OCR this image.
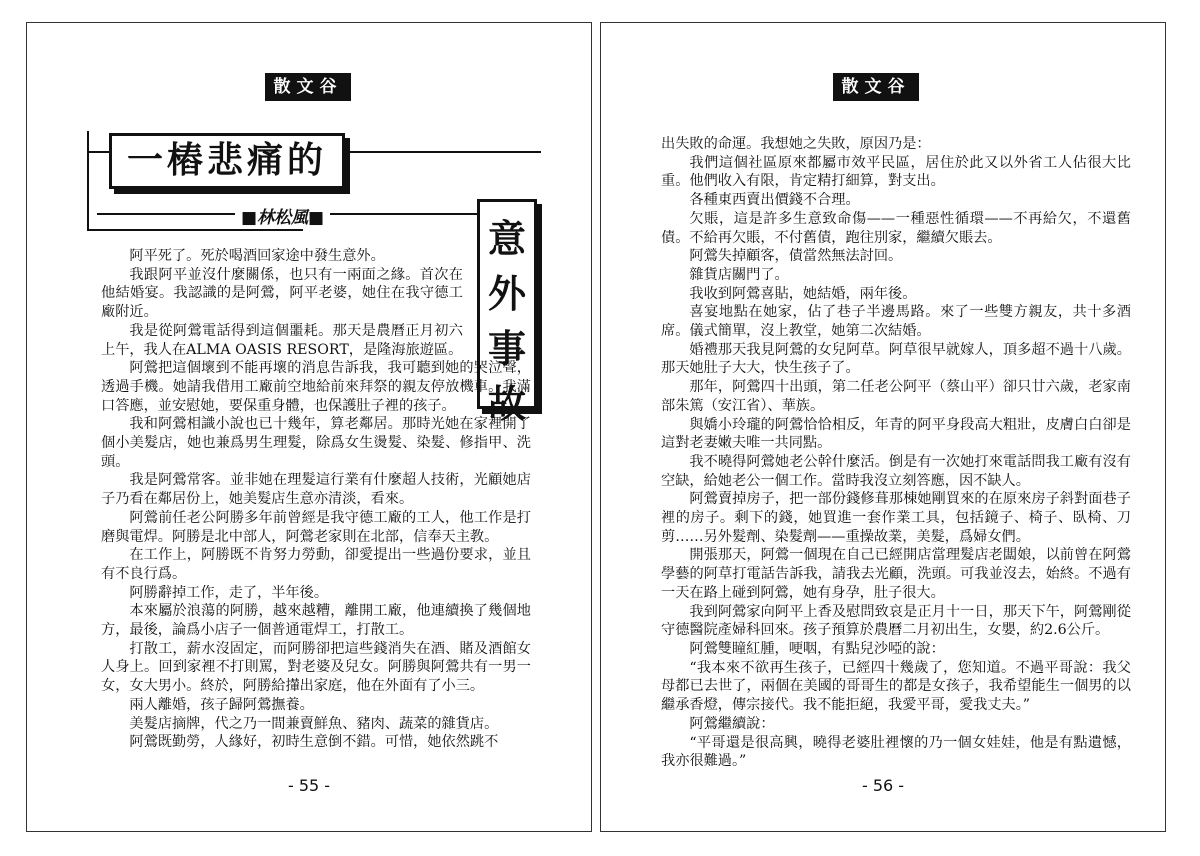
散文谷
一樁悲痛的
■林松風■	意
外
事
故

阿平死了。死於喝酒回家途中發生意外。

我跟阿平並沒什麼關係，也只有一兩面之緣。首次在他結婚宴。我認識的是阿鶯，阿平老婆，她住在我守德工廠附近。

我是從阿鶯電話得到這個噩耗。那天是農曆正月初六上午，我人在ALMA OASIS RESORT，是隆海旅遊區。

阿鶯把這個壞到不能再壞的消息告訴我，我可聽到她的哭泣聲，透過手機。她請我借用工廠前空地給前來拜祭的親友停放機車。我滿口答應，並安慰她，要保重身體，也保護肚子裡的孩子。

我和阿鶯相識小說也已十幾年，算老鄰居。那時光她在家裡開了個小美髮店，她也兼爲男生理髮，除爲女生燙髮、染髮、修指甲、洗頭。

我是阿鶯常客。並非她在理髮這行業有什麼超人技術，光顧她店子乃看在鄰居份上，她美髮店生意亦清淡，看來。

阿鶯前任老公阿勝多年前曾經是我守德工廠的工人，他工作是打磨與電焊。阿勝是北中部人，阿鶯老家則在北部，信奉天主教。

在工作上，阿勝既不肯努力勞動，卻愛提出一些過份要求，並且有不良行爲。

阿勝辭掉工作，走了，半年後。

本來屬於浪蕩的阿勝，越來越糟，離開工廠，他連續換了幾個地方，最後，論爲小店子一個普通電焊工，打散工。

打散工，薪水沒固定，而阿勝卻把這些錢消失在酒、賭及酒館女人身上。回到家裡不打則罵，對老婆及兒女。阿勝與阿鶯共有一男一女，女大男小。終於，阿勝給攆出家庭，他在外面有了小三。

兩人離婚，孩子歸阿鶯撫養。

美髮店摘牌，代之乃一間兼賣鮮魚、豬肉、蔬菜的雜貨店。

阿鶯既勤勞，人緣好，初時生意倒不錯。可惜，她依然跳不

- 55 -
散文谷

出失敗的命運。我想她之失敗，原因乃是：

我們這個社區原來都屬市效平民區，居住於此又以外省工人佔很大比重。他們收入有限，肯定精打細算，對支出。

各種東西賣出價錢不合理。

欠賬，這是許多生意致命傷——一種惡性循環——不再給欠，不還舊債。不給再欠賬，不付舊債，跑往別家，繼續欠賬去。

阿鶯失掉顧客，債當然無法討回。

雜貨店關門了。

我收到阿鶯喜貼，她結婚，兩年後。

喜宴地點在她家，佔了巷子半邊馬路。來了一些雙方親友，共十多酒席。儀式簡單，沒上教堂，她第二次結婚。

婚禮那天我見阿鶯的女兒阿草。阿草很早就嫁人，頂多超不過十八歲。那天她肚子大大，快生孩子了。

那年，阿鶯四十出頭，第二任老公阿平（蔡山平）卻只廿六歲，老家南部朱篤（安江省）、華族。

與嬌小玲瓏的阿鶯恰恰相反，年青的阿平身段高大粗壯，皮膚白白卻是這對老妻嫩夫唯一共同點。

我不曉得阿鶯她老公幹什麼活。倒是有一次她打來電話問我工廠有沒有空缺，給她老公一個工作。當時我沒立刻答應，因不缺人。

阿鶯賣掉房子，把一部份錢修葺那棟她剛買來的在原來房子斜對面巷子裡的房子。剩下的錢，她買進一套作業工具，包括鏡子、椅子、臥椅、刀剪……另外髮劑、染髮劑——重操故業，美髮，爲婦女們。

開張那天，阿鶯一個現在自己已經開店當理髮店老闆娘，以前曾在阿鶯學藝的阿草打電話告訴我，請我去光顧，洗頭。可我並沒去，始終。不過有一天在路上碰到阿鶯，她有身孕，肚子很大。

我到阿鶯家向阿平上香及慰問致哀是正月十一日，那天下午，阿鶯剛從守德醫院產婦科回來。孩子預算於農曆二月初出生，女嬰，約2.6公斤。

阿鶯雙瞳紅腫，哽咽，有點兒沙啞的說：

“我本來不欲再生孩子，已經四十幾歲了，您知道。不過平哥說：我父母都已去世了，兩個在美國的哥哥生的都是女孩子，我希望能生一個男的以繼承香燈，傳宗接代。我不能拒絕，我愛平哥，愛我丈夫。”

阿鶯繼續說：

“平哥還是很高興，曉得老婆肚裡懷的乃一個女娃娃，他是有點遺憾，我亦很難過。”

- 56 -
